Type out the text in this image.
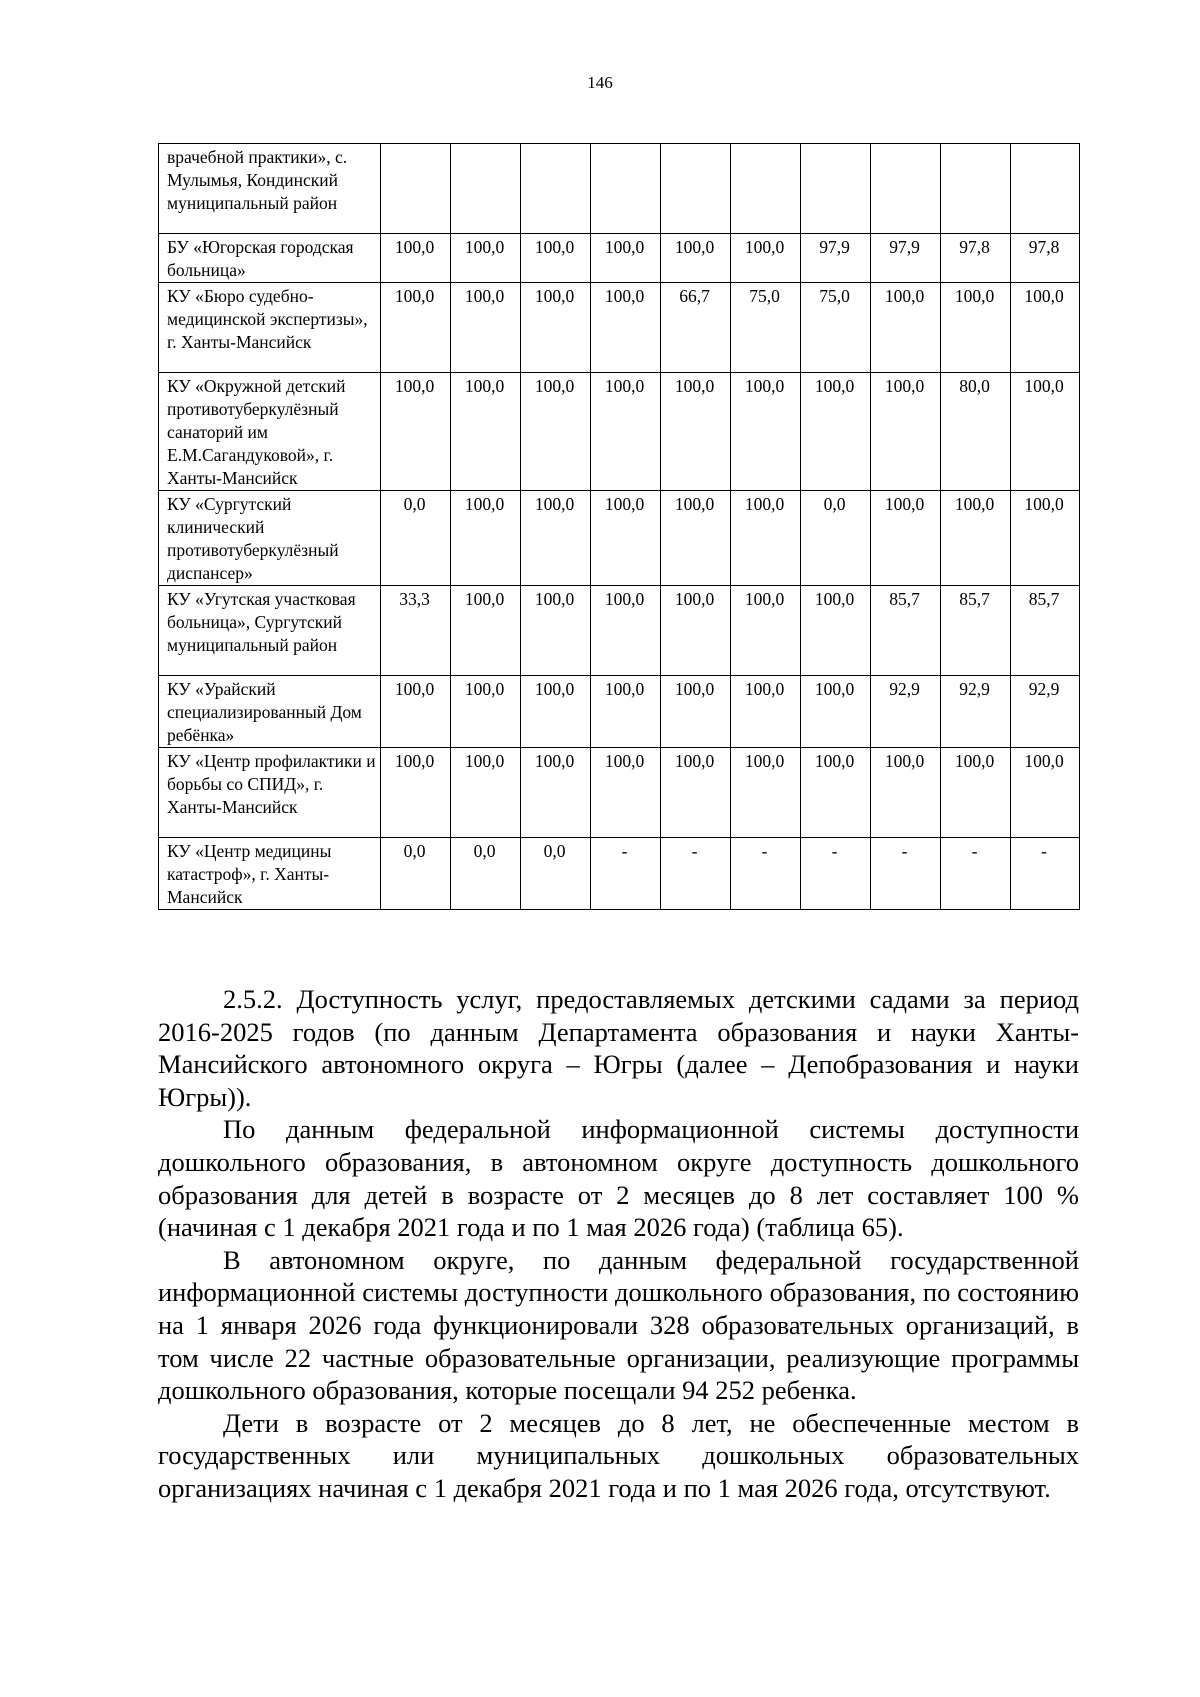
146
врачебной практики», с. Мулымья, Кондинский муниципальный район										
БУ «Югорская городская больница»	100,0	100,0	100,0	100,0	100,0	100,0	97,9	97,9	97,8	97,8
КУ «Бюро судебно-медицинской экспертизы», г. Ханты-Мансийск	100,0	100,0	100,0	100,0	66,7	75,0	75,0	100,0	100,0	100,0
КУ «Окружной детский противотуберкулёзный санаторий им Е.М.Сагандуковой», г. Ханты-Мансийск	100,0	100,0	100,0	100,0	100,0	100,0	100,0	100,0	80,0	100,0
КУ «Сургутский клинический противотуберкулёзный диспансер»	0,0	100,0	100,0	100,0	100,0	100,0	0,0	100,0	100,0	100,0
КУ «Угутская участковая больница», Сургутский муниципальный район	33,3	100,0	100,0	100,0	100,0	100,0	100,0	85,7	85,7	85,7
КУ «Урайский специализированный Дом ребёнка»	100,0	100,0	100,0	100,0	100,0	100,0	100,0	92,9	92,9	92,9
КУ «Центр профилактики и борьбы со СПИД», г. Ханты-Мансийск	100,0	100,0	100,0	100,0	100,0	100,0	100,0	100,0	100,0	100,0
КУ «Центр медицины катастроф», г. Ханты-Мансийск	0,0	0,0	0,0	-	-	-	-	-	-	-

2.5.2. Доступность услуг, предоставляемых детскими садами за период 2016-2025 годов (по данным Департамента образования и науки Ханты-Мансийского автономного округа – Югры (далее – Депобразования и науки Югры)).

По данным федеральной информационной системы доступности дошкольного образования, в автономном округе доступность дошкольного образования для детей в возрасте от 2 месяцев до 8 лет составляет 100 % (начиная с 1 декабря 2021 года и по 1 мая 2026 года) (таблица 65).

В автономном округе, по данным федеральной государственной информационной системы доступности дошкольного образования, по состоянию на 1 января 2026 года функционировали 328 образовательных организаций, в том числе 22 частные образовательные организации, реализующие программы дошкольного образования, которые посещали 94 252 ребенка.

Дети в возрасте от 2 месяцев до 8 лет, не обеспеченные местом в государственных или муниципальных дошкольных образовательных организациях начиная с 1 декабря 2021 года и по 1 мая 2026 года, отсутствуют.
